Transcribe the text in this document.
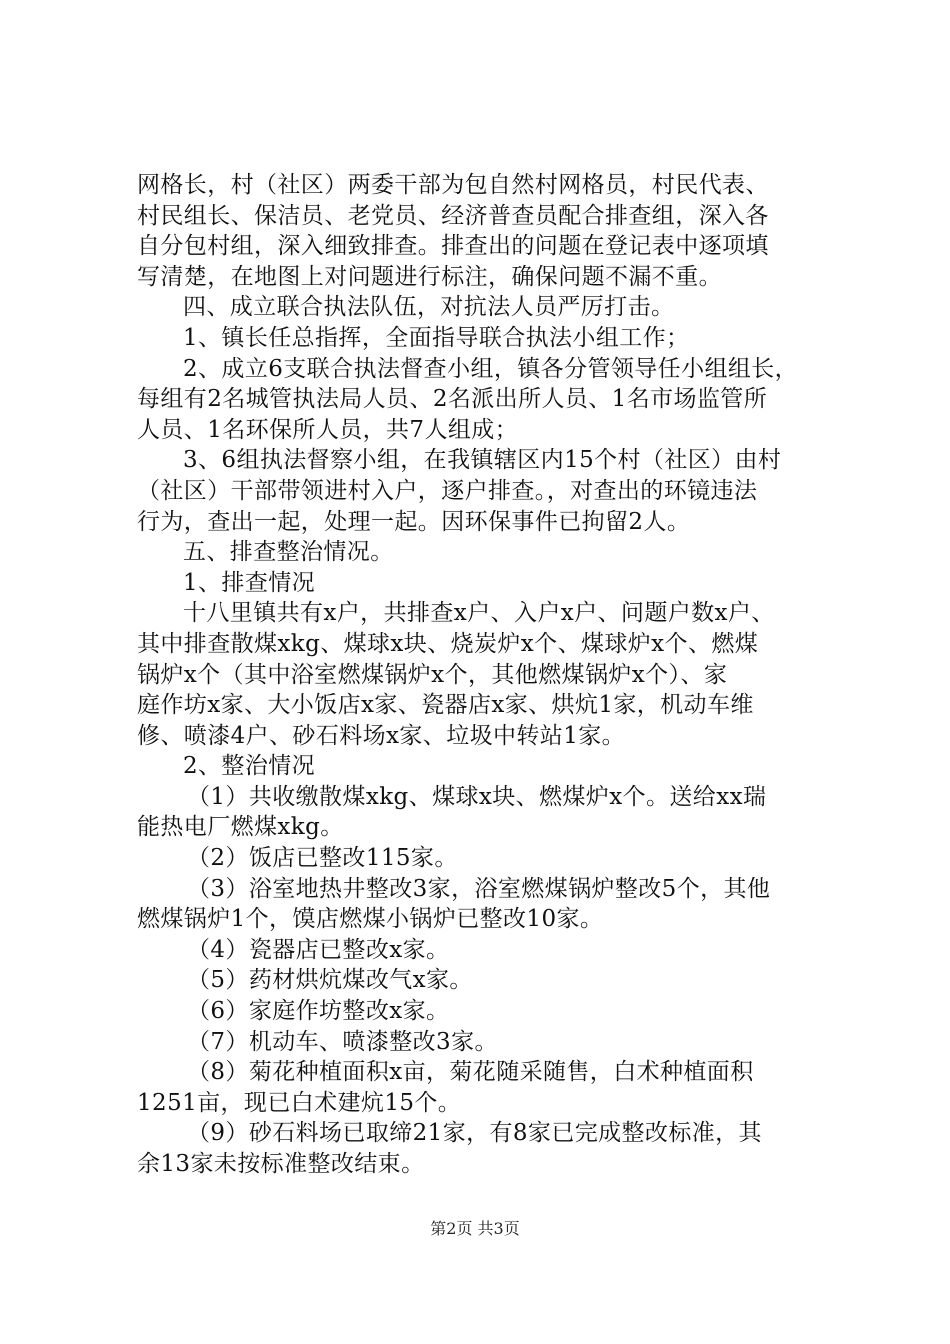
网格长，村（社区）两委干部为包自然村网格员，村民代表、
村民组长、保洁员、老党员、经济普查员配合排查组，深入各
自分包村组，深入细致排查。排查出的问题在登记表中逐项填
写清楚，在地图上对问题进行标注，确保问题不漏不重。
四、成立联合执法队伍，对抗法人员严厉打击。
1、镇长任总指挥，全面指导联合执法小组工作；
2、成立6支联合执法督查小组，镇各分管领导任小组组长，
每组有2名城管执法局人员、2名派出所人员、1名市场监管所
人员、1名环保所人员，共7人组成；
3、6组执法督察小组，在我镇辖区内15个村（社区）由村
（社区）干部带领进村入户，逐户排查。，对查出的环镜违法
行为，查出一起，处理一起。因环保事件已拘留2人。
五、排查整治情况。
1、排查情况
十八里镇共有x户，共排查x户、入户x户、问题户数x户、
其中排查散煤xkg、煤球x块、烧炭炉x个、煤球炉x个、燃煤
锅炉x个（其中浴室燃煤锅炉x个，其他燃煤锅炉x个）、家
庭作坊x家、大小饭店x家、瓷器店x家、烘炕1家，机动车维
修、喷漆4户、砂石料场x家、垃圾中转站1家。
2、整治情况
（1）共收缴散煤xkg、煤球x块、燃煤炉x个。送给xx瑞
能热电厂燃煤xkg。
（2）饭店已整改115家。
（3）浴室地热井整改3家，浴室燃煤锅炉整改5个，其他
燃煤锅炉1个，馍店燃煤小锅炉已整改10家。
（4）瓷器店已整改x家。
（5）药材烘炕煤改气x家。
（6）家庭作坊整改x家。
（7）机动车、喷漆整改3家。
（8）菊花种植面积x亩，菊花随采随售，白术种植面积
1251亩，现已白术建炕15个。
（9）砂石料场已取缔21家，有8家已完成整改标准，其
余13家未按标准整改结束。
第2页 共3页
